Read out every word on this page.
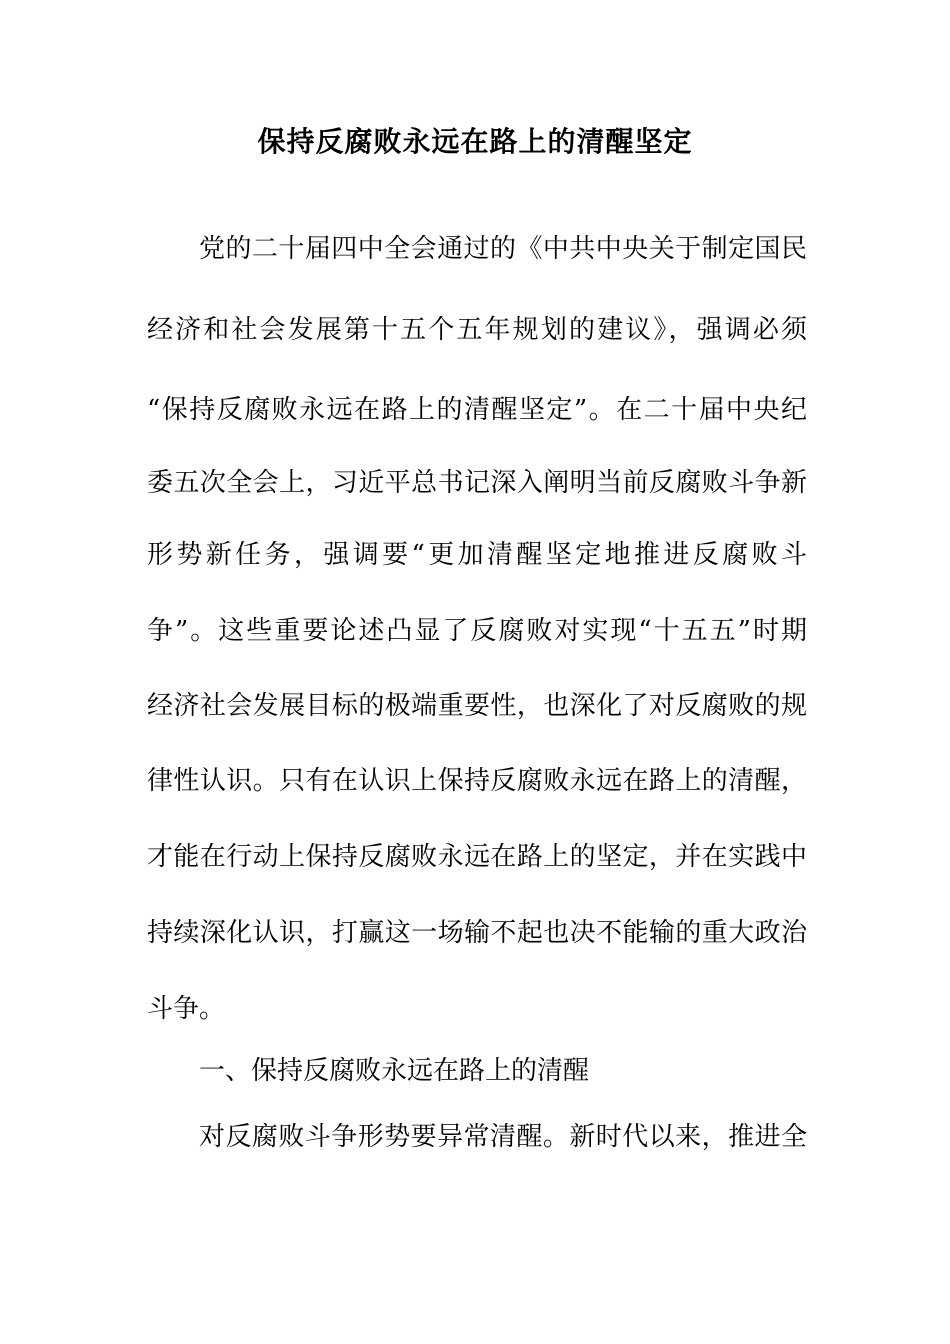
保持反腐败永远在路上的清醒坚定

党的二十届四中全会通过的《中共中央关于制定国民

经济和社会发展第十五个五年规划的建议》，强调必须

“保持反腐败永远在路上的清醒坚定”。在二十届中央纪

委五次全会上，习近平总书记深入阐明当前反腐败斗争新

形势新任务，强调要“更加清醒坚定地推进反腐败斗

争”。这些重要论述凸显了反腐败对实现“十五五”时期

经济社会发展目标的极端重要性，也深化了对反腐败的规

律性认识。只有在认识上保持反腐败永远在路上的清醒，

才能在行动上保持反腐败永远在路上的坚定，并在实践中

持续深化认识，打赢这一场输不起也决不能输的重大政治

斗争。

一、保持反腐败永远在路上的清醒

对反腐败斗争形势要异常清醒。新时代以来，推进全
